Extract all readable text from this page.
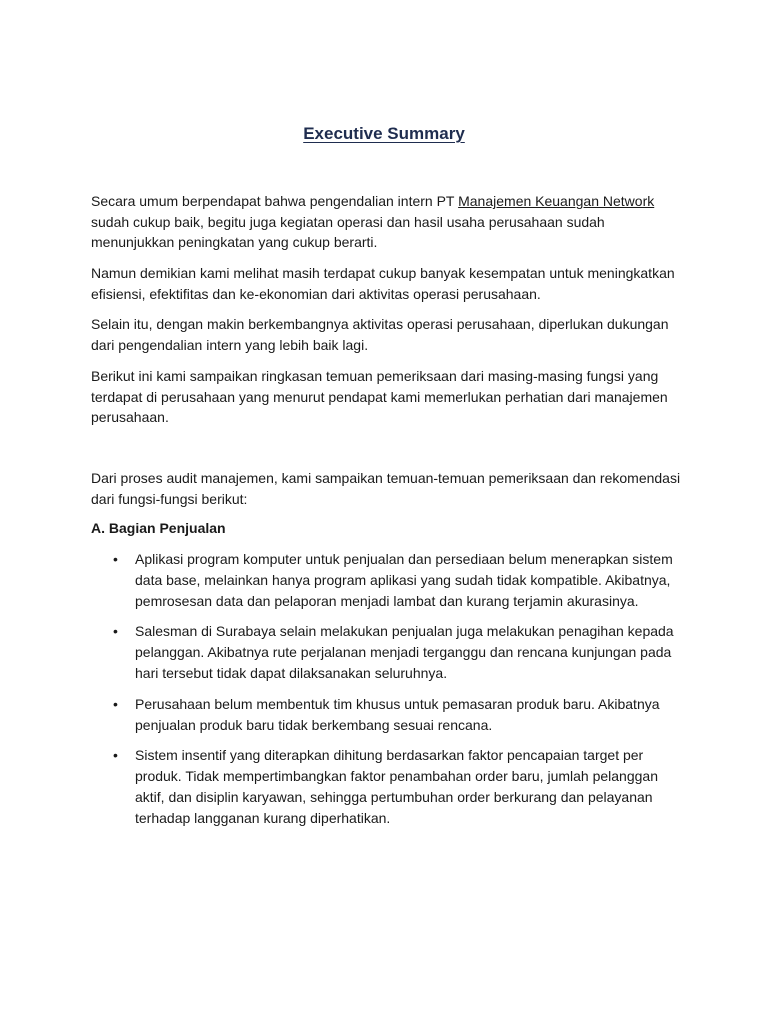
Executive Summary

Secara umum berpendapat bahwa pengendalian intern PT Manajemen Keuangan Network sudah cukup baik, begitu juga kegiatan operasi dan hasil usaha perusahaan sudah menunjukkan peningkatan yang cukup berarti.

Namun demikian kami melihat masih terdapat cukup banyak kesempatan untuk meningkatkan efisiensi, efektifitas dan ke-ekonomian dari aktivitas operasi perusahaan.

Selain itu, dengan makin berkembangnya aktivitas operasi perusahaan, diperlukan dukungan dari pengendalian intern yang lebih baik lagi.

Berikut ini kami sampaikan ringkasan temuan pemeriksaan dari masing-masing fungsi yang terdapat di perusahaan yang menurut pendapat kami memerlukan perhatian dari manajemen perusahaan.

Dari proses audit manajemen, kami sampaikan temuan-temuan pemeriksaan dan rekomendasi dari fungsi-fungsi berikut:

A. Bagian Penjualan
• Aplikasi program komputer untuk penjualan dan persediaan belum menerapkan sistem data base, melainkan hanya program aplikasi yang sudah tidak kompatible. Akibatnya, pemrosesan data dan pelaporan menjadi lambat dan kurang terjamin akurasinya.
• Salesman di Surabaya selain melakukan penjualan juga melakukan penagihan kepada pelanggan. Akibatnya rute perjalanan menjadi terganggu dan rencana kunjungan pada hari tersebut tidak dapat dilaksanakan seluruhnya.
• Perusahaan belum membentuk tim khusus untuk pemasaran produk baru. Akibatnya penjualan produk baru tidak berkembang sesuai rencana.
• Sistem insentif yang diterapkan dihitung berdasarkan faktor pencapaian target per produk. Tidak mempertimbangkan faktor penambahan order baru, jumlah pelanggan aktif, dan disiplin karyawan, sehingga pertumbuhan order berkurang dan pelayanan terhadap langganan kurang diperhatikan.
